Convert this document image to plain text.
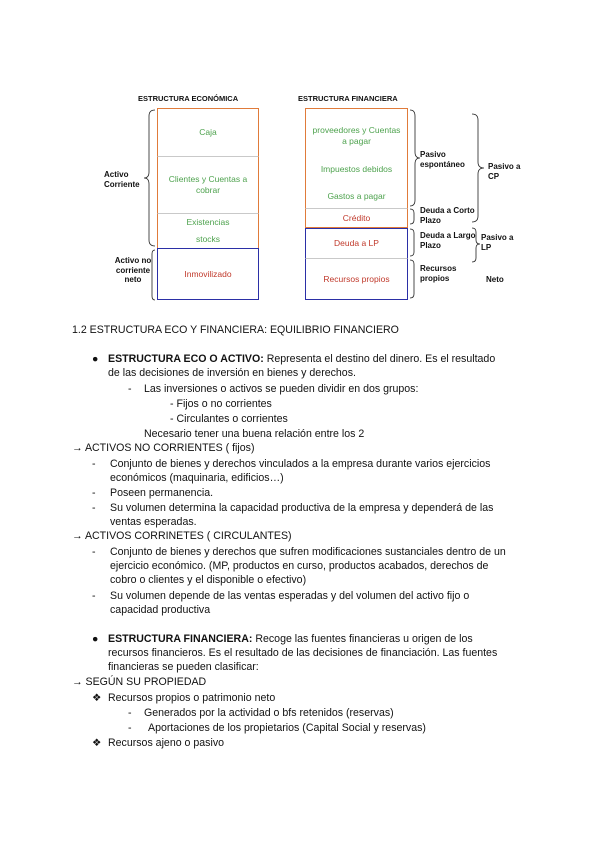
ESTRUCTURA ECONÓMICA	ESTRUCTURA FINANCIERA
Caja
Clientes y Cuentas a cobrar
Existencias
stocks
Inmovilizado
Activo Corriente
Activo no corriente neto
proveedores y Cuentas a pagar
Impuestos debidos
Gastos a pagar
Crédito
Deuda a LP
Recursos propios
Pasivo espontáneo
Deuda a Corto Plazo
Deuda a Largo Plazo
Recursos propios
Pasivo a CP
Pasivo a LP
Neto
1.2 ESTRUCTURA ECO Y FINANCIERA: EQUILIBRIO FINANCIERO
● ESTRUCTURA ECO O ACTIVO: Representa el destino del dinero. Es el resultado
de las decisiones de inversión en bienes y derechos.
- Las inversiones o activos se pueden dividir en dos grupos:
- Fijos o no corrientes
- Circulantes o corrientes
Necesario tener una buena relación entre los 2
→ ACTIVOS NO CORRIENTES ( fijos)
- Conjunto de bienes y derechos vinculados a la empresa durante varios ejercicios
económicos (maquinaria, edificios…)
- Poseen permanencia.
- Su volumen determina la capacidad productiva de la empresa y dependerá de las
ventas esperadas.
→ ACTIVOS CORRINETES ( CIRCULANTES)
- Conjunto de bienes y derechos que sufren modificaciones sustanciales dentro de un
ejercicio económico. (MP, productos en curso, productos acabados, derechos de
cobro o clientes y el disponible o efectivo)
- Su volumen depende de las ventas esperadas y del volumen del activo fijo o
capacidad productiva
● ESTRUCTURA FINANCIERA: Recoge las fuentes financieras u origen de los
recursos financieros. Es el resultado de las decisiones de financiación. Las fuentes
financieras se pueden clasificar:
→ SEGÚN SU PROPIEDAD
❖ Recursos propios o patrimonio neto
- Generados por la actividad o bfs retenidos (reservas)
- Aportaciones de los propietarios (Capital Social y reservas)
❖ Recursos ajeno o pasivo
